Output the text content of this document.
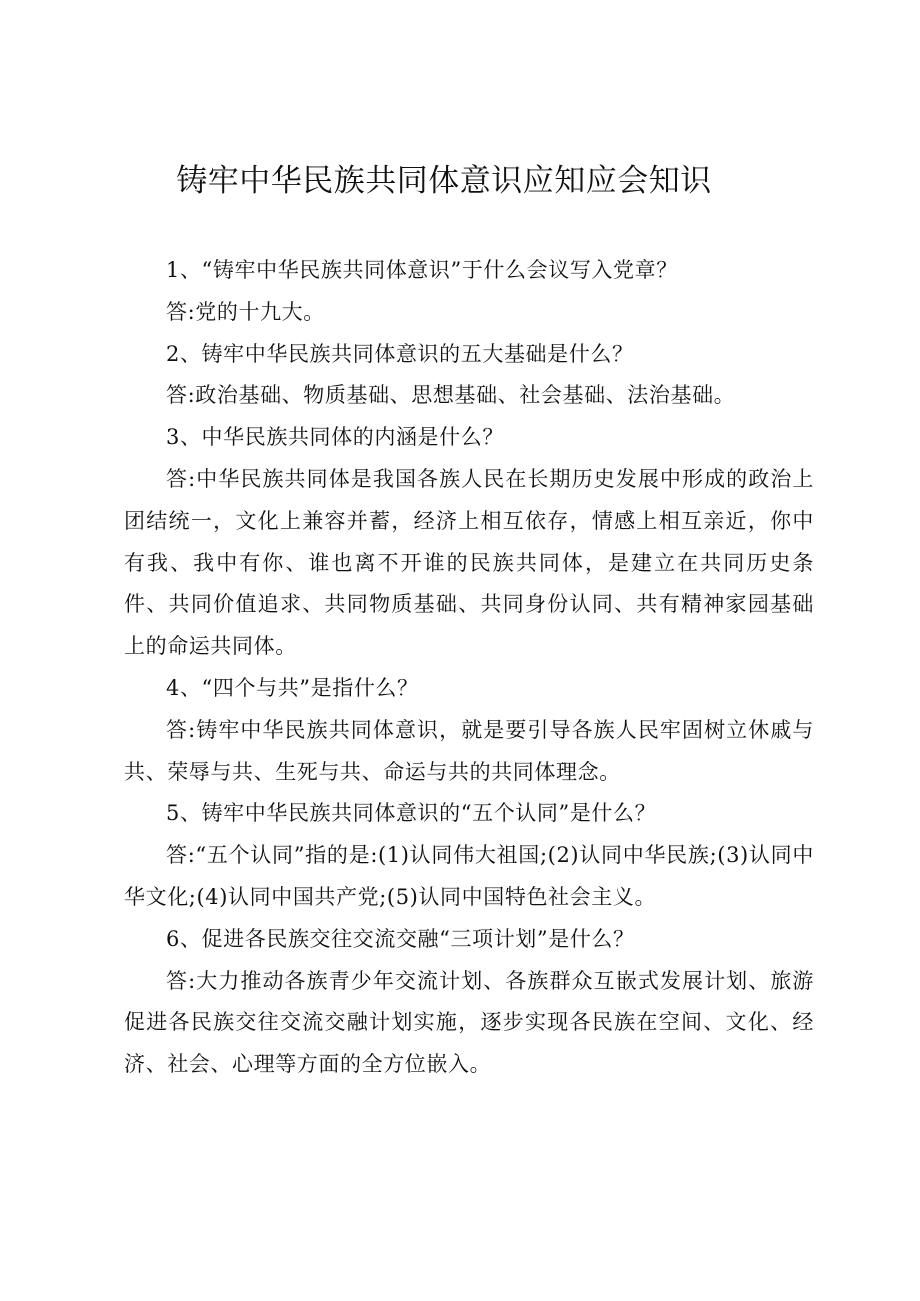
铸牢中华民族共同体意识应知应会知识

1、“铸牢中华民族共同体意识”于什么会议写入党章？

答:党的十九大。

2、铸牢中华民族共同体意识的五大基础是什么？

答:政治基础、物质基础、思想基础、社会基础、法治基础。

3、中华民族共同体的内涵是什么？

答:中华民族共同体是我国各族人民在长期历史发展中形成的政治上团结统一，文化上兼容并蓄，经济上相互依存，情感上相互亲近，你中有我、我中有你、谁也离不开谁的民族共同体，是建立在共同历史条件、共同价值追求、共同物质基础、共同身份认同、共有精神家园基础上的命运共同体。

4、“四个与共”是指什么？

答:铸牢中华民族共同体意识，就是要引导各族人民牢固树立休戚与共、荣辱与共、生死与共、命运与共的共同体理念。

5、铸牢中华民族共同体意识的“五个认同”是什么？

答:“五个认同”指的是:(1)认同伟大祖国;(2)认同中华民族;(3)认同中华文化;(4)认同中国共产党;(5)认同中国特色社会主义。

6、促进各民族交往交流交融“三项计划”是什么？

答:大力推动各族青少年交流计划、各族群众互嵌式发展计划、旅游促进各民族交往交流交融计划实施，逐步实现各民族在空间、文化、经济、社会、心理等方面的全方位嵌入。
